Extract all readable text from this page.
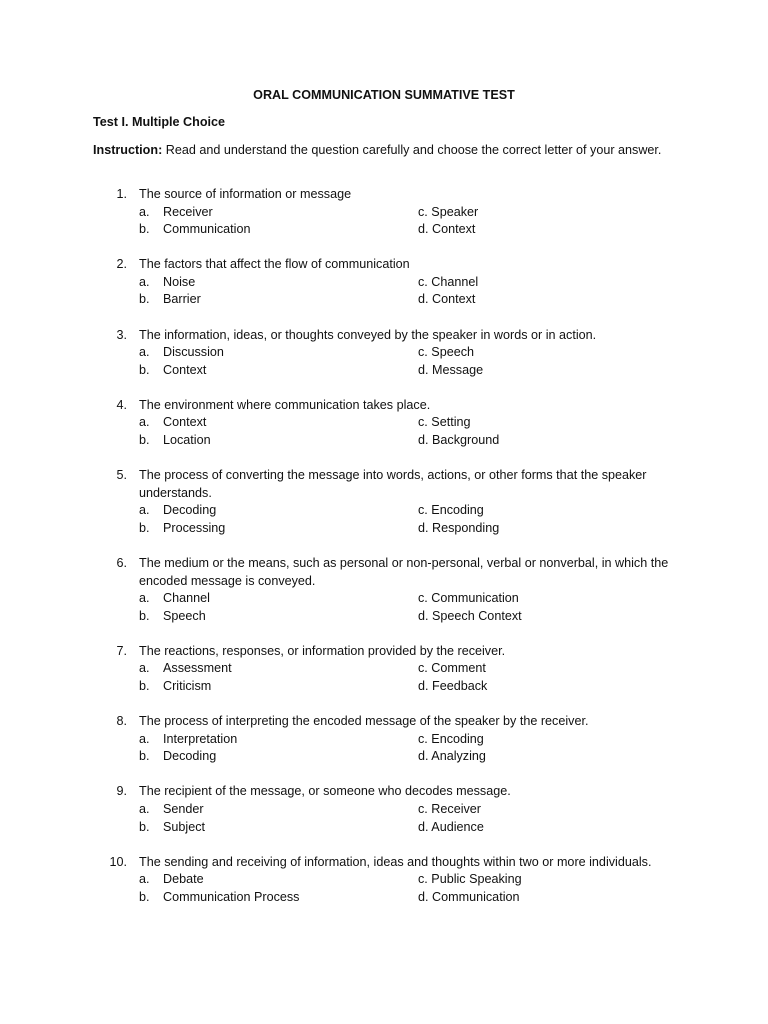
ORAL COMMUNICATION SUMMATIVE TEST
Test I. Multiple Choice
Instruction: Read and understand the question carefully and choose the correct letter of your answer.
1. The source of information or message
a. Receiver	c. Speaker
b. Communication	d. Context
2. The factors that affect the flow of communication
a. Noise	c. Channel
b. Barrier	d. Context
3. The information, ideas, or thoughts conveyed by the speaker in words or in action.
a. Discussion	c. Speech
b. Context	d. Message
4. The environment where communication takes place.
a. Context	c. Setting
b. Location	d. Background
5. The process of converting the message into words, actions, or other forms that the speaker understands.
a. Decoding	c. Encoding
b. Processing	d. Responding
6. The medium or the means, such as personal or non-personal, verbal or nonverbal, in which the encoded message is conveyed.
a. Channel	c. Communication
b. Speech	d. Speech Context
7. The reactions, responses, or information provided by the receiver.
a. Assessment	c. Comment
b. Criticism	d. Feedback
8. The process of interpreting the encoded message of the speaker by the receiver.
a. Interpretation	c. Encoding
b. Decoding	d. Analyzing
9. The recipient of the message, or someone who decodes message.
a. Sender	c. Receiver
b. Subject	d. Audience
10. The sending and receiving of information, ideas and thoughts within two or more individuals.
a. Debate	c. Public Speaking
b. Communication Process	d. Communication
